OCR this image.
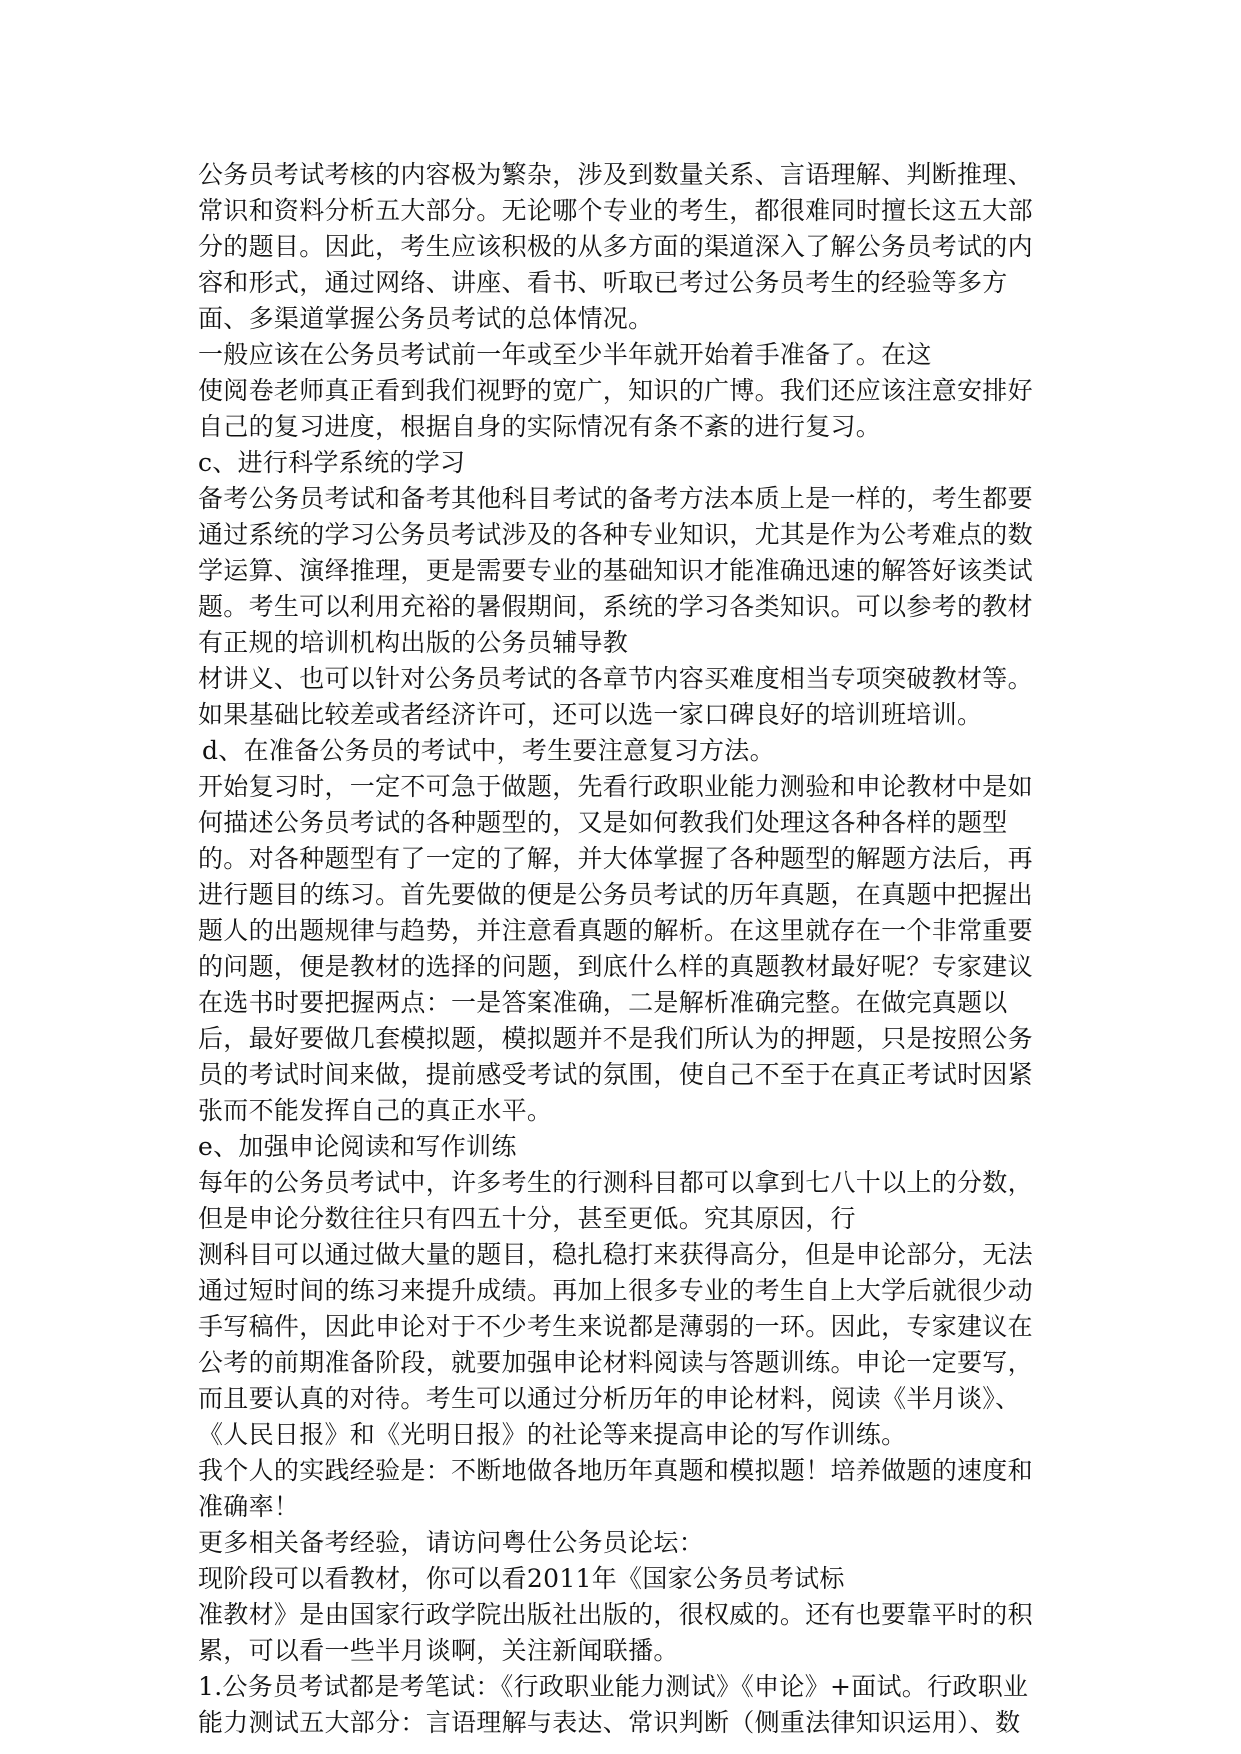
公务员考试考核的内容极为繁杂，涉及到数量关系、言语理解、判断推理、常识和资料分析五大部分。无论哪个专业的考生，都很难同时擅长这五大部分的题目。因此，考生应该积极的从多方面的渠道深入了解公务员考试的内容和形式，通过网络、讲座、看书、听取已考过公务员考生的经验等多方面、多渠道掌握公务员考试的总体情况。

一般应该在公务员考试前一年或至少半年就开始着手准备了。在这

使阅卷老师真正看到我们视野的宽广，知识的广博。我们还应该注意安排好自己的复习进度，根据自身的实际情况有条不紊的进行复习。

c、进行科学系统的学习

备考公务员考试和备考其他科目考试的备考方法本质上是一样的，考生都要通过系统的学习公务员考试涉及的各种专业知识，尤其是作为公考难点的数学运算、演绎推理，更是需要专业的基础知识才能准确迅速的解答好该类试题。考生可以利用充裕的暑假期间，系统的学习各类知识。可以参考的教材有正规的培训机构出版的公务员辅导教

材讲义、也可以针对公务员考试的各章节内容买难度相当专项突破教材等。如果基础比较差或者经济许可，还可以选一家口碑良好的培训班培训。

d、在准备公务员的考试中，考生要注意复习方法。

开始复习时，一定不可急于做题，先看行政职业能力测验和申论教材中是如何描述公务员考试的各种题型的，又是如何教我们处理这各种各样的题型的。对各种题型有了一定的了解，并大体掌握了各种题型的解题方法后，再进行题目的练习。首先要做的便是公务员考试的历年真题，在真题中把握出题人的出题规律与趋势，并注意看真题的解析。在这里就存在一个非常重要的问题，便是教材的选择的问题，到底什么样的真题教材最好呢？专家建议在选书时要把握两点：一是答案准确，二是解析准确完整。在做完真题以后，最好要做几套模拟题，模拟题并不是我们所认为的押题，只是按照公务员的考试时间来做，提前感受考试的氛围，使自己不至于在真正考试时因紧张而不能发挥自己的真正水平。

e、加强申论阅读和写作训练

每年的公务员考试中，许多考生的行测科目都可以拿到七八十以上的分数，但是申论分数往往只有四五十分，甚至更低。究其原因，行

测科目可以通过做大量的题目，稳扎稳打来获得高分，但是申论部分，无法通过短时间的练习来提升成绩。再加上很多专业的考生自上大学后就很少动手写稿件，因此申论对于不少考生来说都是薄弱的一环。因此，专家建议在公考的前期准备阶段，就要加强申论材料阅读与答题训练。申论一定要写，而且要认真的对待。考生可以通过分析历年的申论材料，阅读《半月谈》、《人民日报》和《光明日报》的社论等来提高申论的写作训练。

我个人的实践经验是：不断地做各地历年真题和模拟题！培养做题的速度和准确率！

更多相关备考经验，请访问粤仕公务员论坛：

现阶段可以看教材，你可以看2011年《国家公务员考试标

准教材》是由国家行政学院出版社出版的，很权威的。还有也要靠平时的积累，可以看一些半月谈啊，关注新闻联播。

1.公务员考试都是考笔试：《行政职业能力测试》《申论》+面试。行政职业能力测试五大部分：言语理解与表达、常识判断（侧重法律知识运用）、数
